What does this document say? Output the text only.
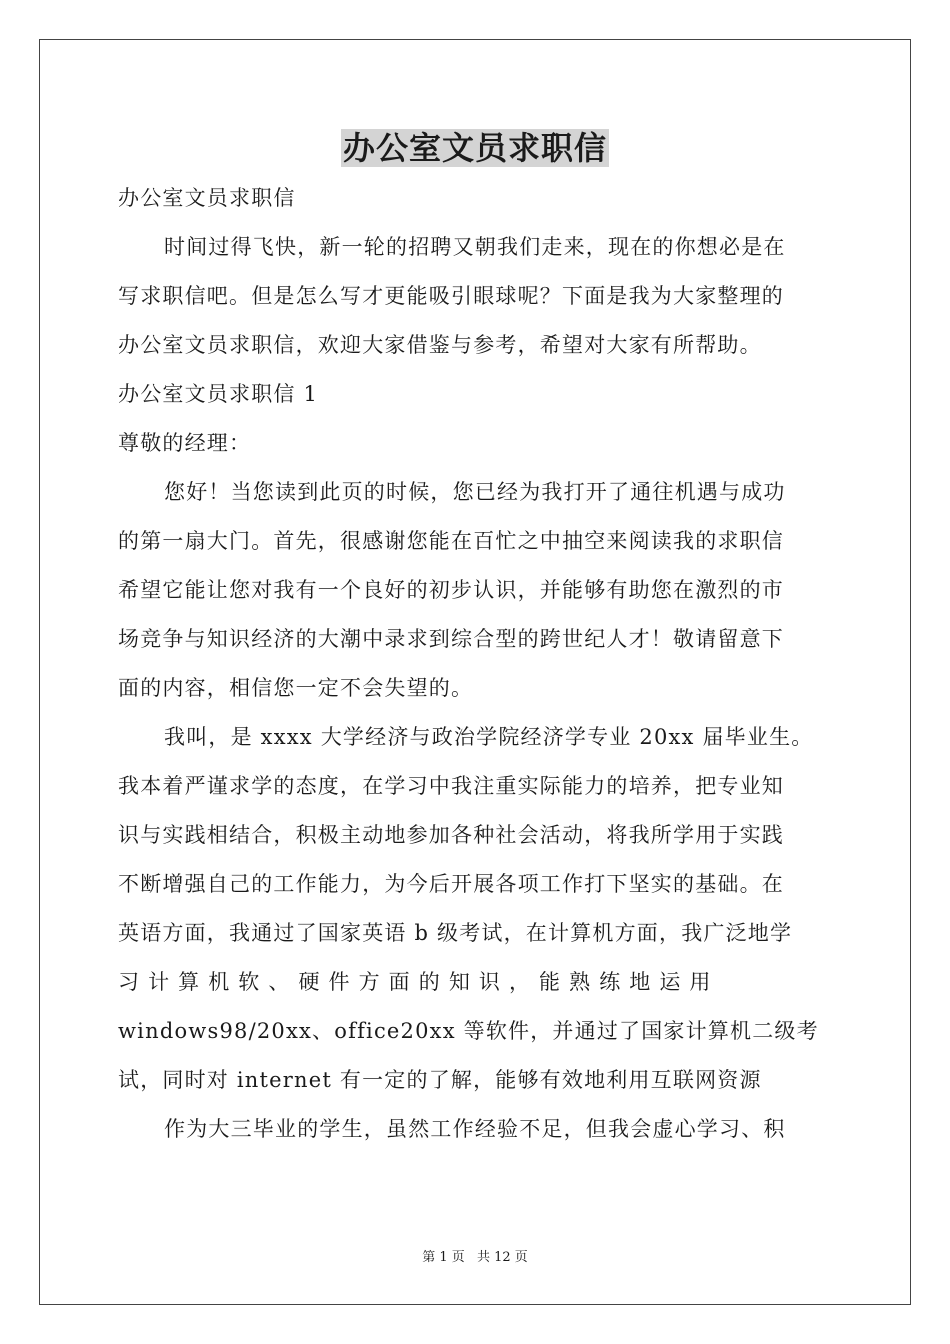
办公室文员求职信
办公室文员求职信
时间过得飞快，新一轮的招聘又朝我们走来，现在的你想必是在
写求职信吧。但是怎么写才更能吸引眼球呢？下面是我为大家整理的
办公室文员求职信，欢迎大家借鉴与参考，希望对大家有所帮助。
办公室文员求职信 1
尊敬的经理：
您好！当您读到此页的时候，您已经为我打开了通往机遇与成功
的第一扇大门。首先，很感谢您能在百忙之中抽空来阅读我的求职信
希望它能让您对我有一个良好的初步认识，并能够有助您在激烈的市
场竞争与知识经济的大潮中录求到综合型的跨世纪人才！敬请留意下
面的内容，相信您一定不会失望的。
我叫，是 xxxx 大学经济与政治学院经济学专业 20xx 届毕业生。
我本着严谨求学的态度，在学习中我注重实际能力的培养，把专业知
识与实践相结合，积极主动地参加各种社会活动，将我所学用于实践
不断增强自己的工作能力，为今后开展各项工作打下坚实的基础。在
英语方面，我通过了国家英语 b 级考试，在计算机方面，我广泛地学
习 计 算 机 软 、 硬 件 方 面 的 知 识 ， 能 熟 练 地 运 用
windows98/20xx、office20xx 等软件，并通过了国家计算机二级考
试，同时对 internet 有一定的了解，能够有效地利用互联网资源
作为大三毕业的学生，虽然工作经验不足，但我会虚心学习、积
第 1 页 共 12 页
